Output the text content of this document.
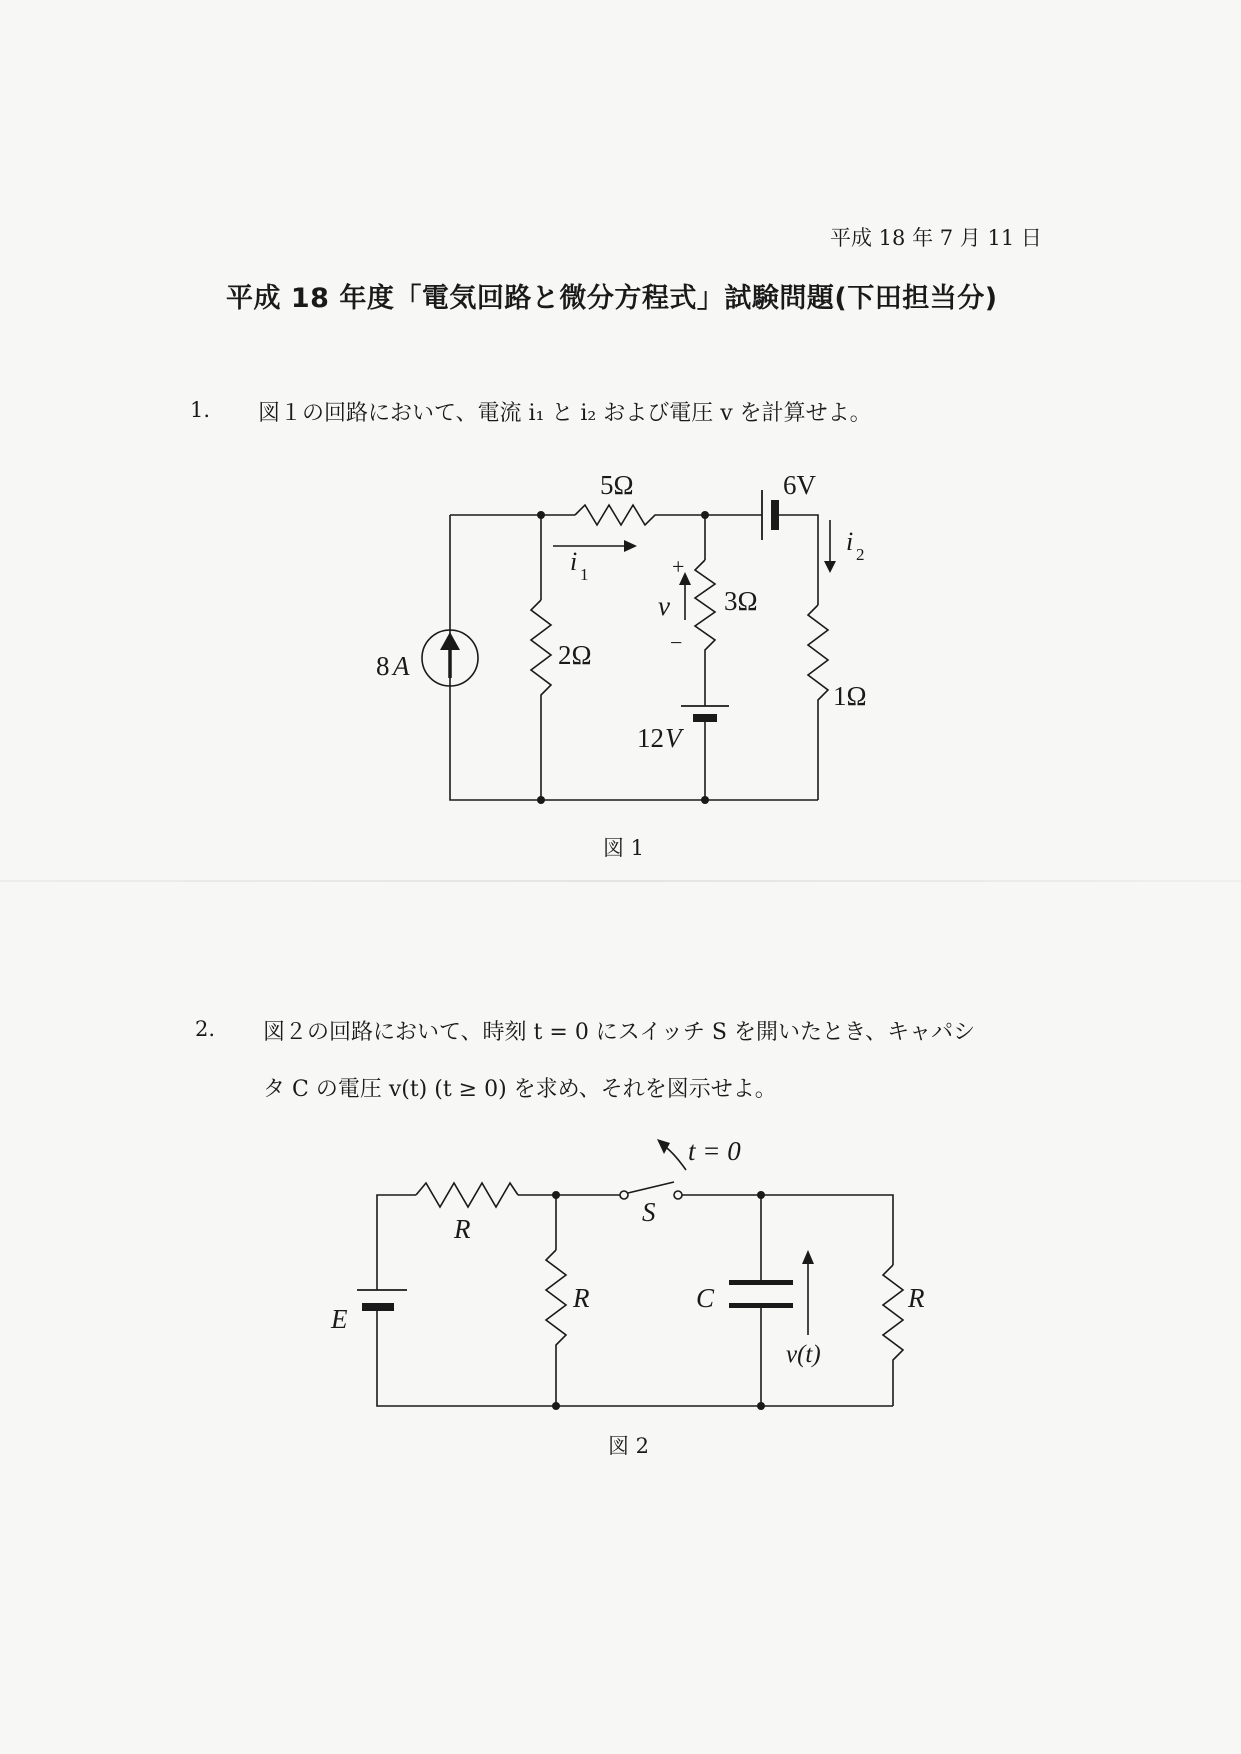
平成 18 年 7 月 11 日
平成 18 年度「電気回路と微分方程式」試験問題(下田担当分)
1. 図１の回路において、電流 i₁ と i₂ および電圧 v を計算せよ。
5Ω	6V
i 1
i 2
+
−
v 3Ω
2Ω
8 A
1Ω
12 V
図 1
2. 図２の回路において、時刻 t = 0 にスイッチ S を開いたとき、キャパシ
タ C の電圧 v(t) (t ≥ 0) を求め、それを図示せよ。
t = 0
R
S
E
R	C
v(t)
R
図 2
